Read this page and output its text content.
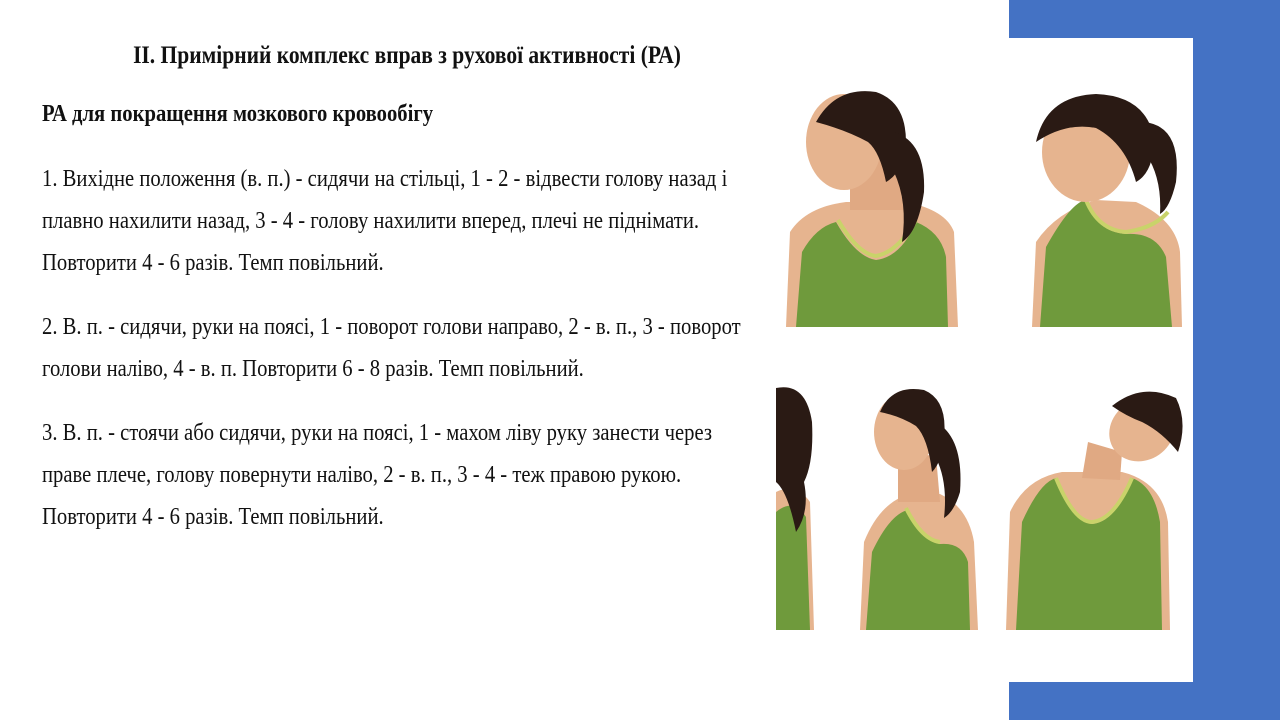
ІІ. Примірний комплекс вправ з рухової активності (РА)
РА для покращення мозкового кровообігу
1. Вихідне положення (в. п.) - сидячи на стільці, 1 - 2 - відвести голову назад і плавно нахилити назад, 3 - 4 - голову нахилити вперед, плечі не піднімати. Повторити 4 - 6 разів. Темп повільний.
2. В. п. - сидячи, руки на поясі, 1 - поворот голови направо, 2 - в. п., 3 - поворот голови наліво, 4 - в. п. Повторити 6 - 8 разів. Темп повільний.
3. В. п. - стоячи або сидячи, руки на поясі, 1 - махом ліву руку занести через праве плече, голову повернути наліво, 2 - в. п., 3 - 4 - теж правою рукою. Повторити 4 - 6 разів. Темп повільний.
